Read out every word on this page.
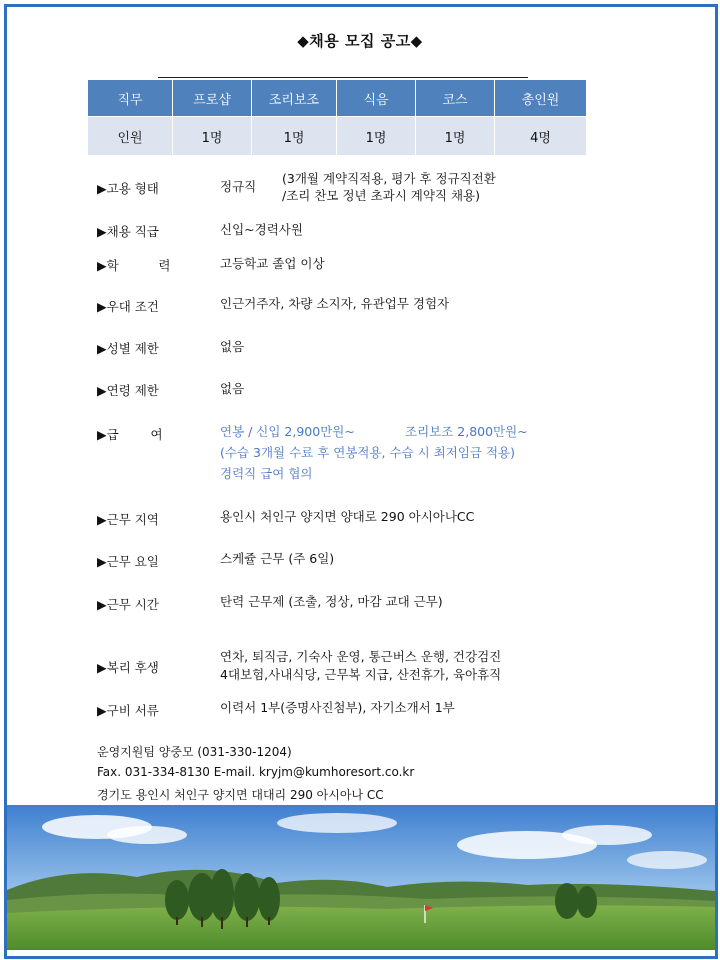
◆채용 모집 공고◆
직무	프로샵	조리보조	식음	코스	총인원
인원	1명	1명	1명	1명	4명
▶고용 형태	정규직
(3개월 계약직적용, 평가 후 정규직전환
/조리 찬모 정년 초과시 계약직 채용)
▶채용 직급	신입~경력사원
▶학          력	고등학교 졸업 이상
▶우대 조건	인근거주자, 차량 소지자, 유관업무 경험자
▶성별 제한	없음
▶연령 제한	없음
▶급        여	연봉 / 신입 2,900만원~	조리보조 2,800만원~
(수습 3개월 수료 후 연봉적용, 수습 시 최저임금 적용)
경력직 급여 협의
▶근무 지역	용인시 처인구 양지면 양대로 290 아시아나CC
▶근무 요일	스케쥴 근무 (주 6일)
▶근무 시간	탄력 근무제 (조출, 정상, 마감 교대 근무)
▶복리 후생
연차, 퇴직금, 기숙사 운영, 통근버스 운행, 건강검진
4대보험,사내식당, 근무복 지급, 산전휴가, 육아휴직
▶구비 서류	이력서 1부(증명사진첨부), 자기소개서 1부
운영지원팀 양중모 (031-330-1204)
Fax. 031-334-8130 E-mail. kryjm@kumhoresort.co.kr
경기도 용인시 처인구 양지면 대대리 290 아시아나 CC
